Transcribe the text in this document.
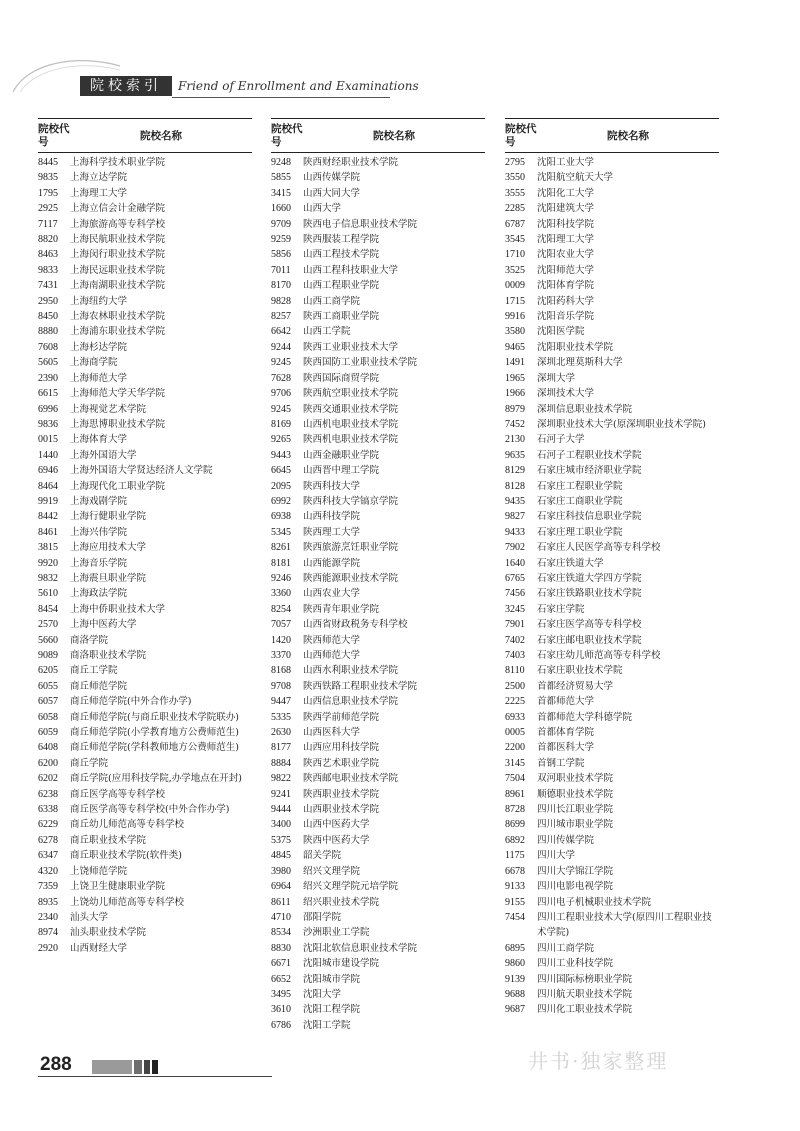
院校索引	Friend of Enrollment and Examinations
院校代号	院校名称
8445	上海科学技术职业学院
9835	上海立达学院
1795	上海理工大学
2925	上海立信会计金融学院
7117	上海旅游高等专科学校
8820	上海民航职业技术学院
8463	上海闵行职业技术学院
9833	上海民远职业技术学院
7431	上海南湖职业技术学院
2950	上海纽约大学
8450	上海农林职业技术学院
8880	上海浦东职业技术学院
7608	上海杉达学院
5605	上海商学院
2390	上海师范大学
6615	上海师范大学天华学院
6996	上海视觉艺术学院
9836	上海思博职业技术学院
0015	上海体育大学
1440	上海外国语大学
6946	上海外国语大学贤达经济人文学院
8464	上海现代化工职业学院
9919	上海戏剧学院
8442	上海行健职业学院
8461	上海兴伟学院
3815	上海应用技术大学
9920	上海音乐学院
9832	上海震旦职业学院
5610	上海政法学院
8454	上海中侨职业技术大学
2570	上海中医药大学
5660	商洛学院
9089	商洛职业技术学院
6205	商丘工学院
6055	商丘师范学院
6057	商丘师范学院(中外合作办学)
6058	商丘师范学院(与商丘职业技术学院联办)
6059	商丘师范学院(小学教育地方公费师范生)
6408	商丘师范学院(学科教师地方公费师范生)
6200	商丘学院
6202	商丘学院(应用科技学院,办学地点在开封)
6238	商丘医学高等专科学校
6338	商丘医学高等专科学校(中外合作办学)
6229	商丘幼儿师范高等专科学校
6278	商丘职业技术学院
6347	商丘职业技术学院(软件类)
4320	上饶师范学院
7359	上饶卫生健康职业学院
8935	上饶幼儿师范高等专科学校
2340	汕头大学
8974	汕头职业技术学院
2920	山西财经大学
院校代号	院校名称
9248	陕西财经职业技术学院
5855	山西传媒学院
3415	山西大同大学
1660	山西大学
9709	陕西电子信息职业技术学院
9259	陕西服装工程学院
5856	山西工程技术学院
7011	山西工程科技职业大学
8170	山西工程职业学院
9828	山西工商学院
8257	陕西工商职业学院
6642	山西工学院
9244	陕西工业职业技术大学
9245	陕西国防工业职业技术学院
7628	陕西国际商贸学院
9706	陕西航空职业技术学院
9245	陕西交通职业技术学院
8169	山西机电职业技术学院
9265	陕西机电职业技术学院
9443	山西金融职业学院
6645	山西晋中理工学院
2095	陕西科技大学
6992	陕西科技大学镐京学院
6938	山西科技学院
5345	陕西理工大学
8261	陕西旅游烹饪职业学院
8181	山西能源学院
9246	陕西能源职业技术学院
3360	山西农业大学
8254	陕西青年职业学院
7057	山西省财政税务专科学校
1420	陕西师范大学
3370	山西师范大学
8168	山西水利职业技术学院
9708	陕西铁路工程职业技术学院
9447	山西信息职业技术学院
5335	陕西学前师范学院
2630	山西医科大学
8177	山西应用科技学院
8884	陕西艺术职业学院
9822	陕西邮电职业技术学院
9241	陕西职业技术学院
9444	山西职业技术学院
3400	山西中医药大学
5375	陕西中医药大学
4845	韶关学院
3980	绍兴文理学院
6964	绍兴文理学院元培学院
8611	绍兴职业技术学院
4710	邵阳学院
8534	沙洲职业工学院
8830	沈阳北软信息职业技术学院
6671	沈阳城市建设学院
6652	沈阳城市学院
3495	沈阳大学
3610	沈阳工程学院
6786	沈阳工学院
院校代号	院校名称
2795	沈阳工业大学
3550	沈阳航空航天大学
3555	沈阳化工大学
2285	沈阳建筑大学
6787	沈阳科技学院
3545	沈阳理工大学
1710	沈阳农业大学
3525	沈阳师范大学
0009	沈阳体育学院
1715	沈阳药科大学
9916	沈阳音乐学院
3580	沈阳医学院
9465	沈阳职业技术学院
1491	深圳北理莫斯科大学
1965	深圳大学
1966	深圳技术大学
8979	深圳信息职业技术学院
7452	深圳职业技术大学(原深圳职业技术学院)
2130	石河子大学
9635	石河子工程职业技术学院
8129	石家庄城市经济职业学院
8128	石家庄工程职业学院
9435	石家庄工商职业学院
9827	石家庄科技信息职业学院
9433	石家庄理工职业学院
7902	石家庄人民医学高等专科学校
1640	石家庄铁道大学
6765	石家庄铁道大学四方学院
7456	石家庄铁路职业技术学院
3245	石家庄学院
7901	石家庄医学高等专科学校
7402	石家庄邮电职业技术学院
7403	石家庄幼儿师范高等专科学校
8110	石家庄职业技术学院
2500	首都经济贸易大学
2225	首都师范大学
6933	首都师范大学科德学院
0005	首都体育学院
2200	首都医科大学
3145	首钢工学院
7504	双河职业技术学院
8961	顺德职业技术学院
8728	四川长江职业学院
8699	四川城市职业学院
6892	四川传媒学院
1175	四川大学
6678	四川大学锦江学院
9133	四川电影电视学院
9155	四川电子机械职业技术学院
7454	四川工程职业技术大学(原四川工程职业技术学院)
6895	四川工商学院
9860	四川工业科技学院
9139	四川国际标榜职业学院
9688	四川航天职业技术学院
9687	四川化工职业技术学院
288	井书·独家整理
